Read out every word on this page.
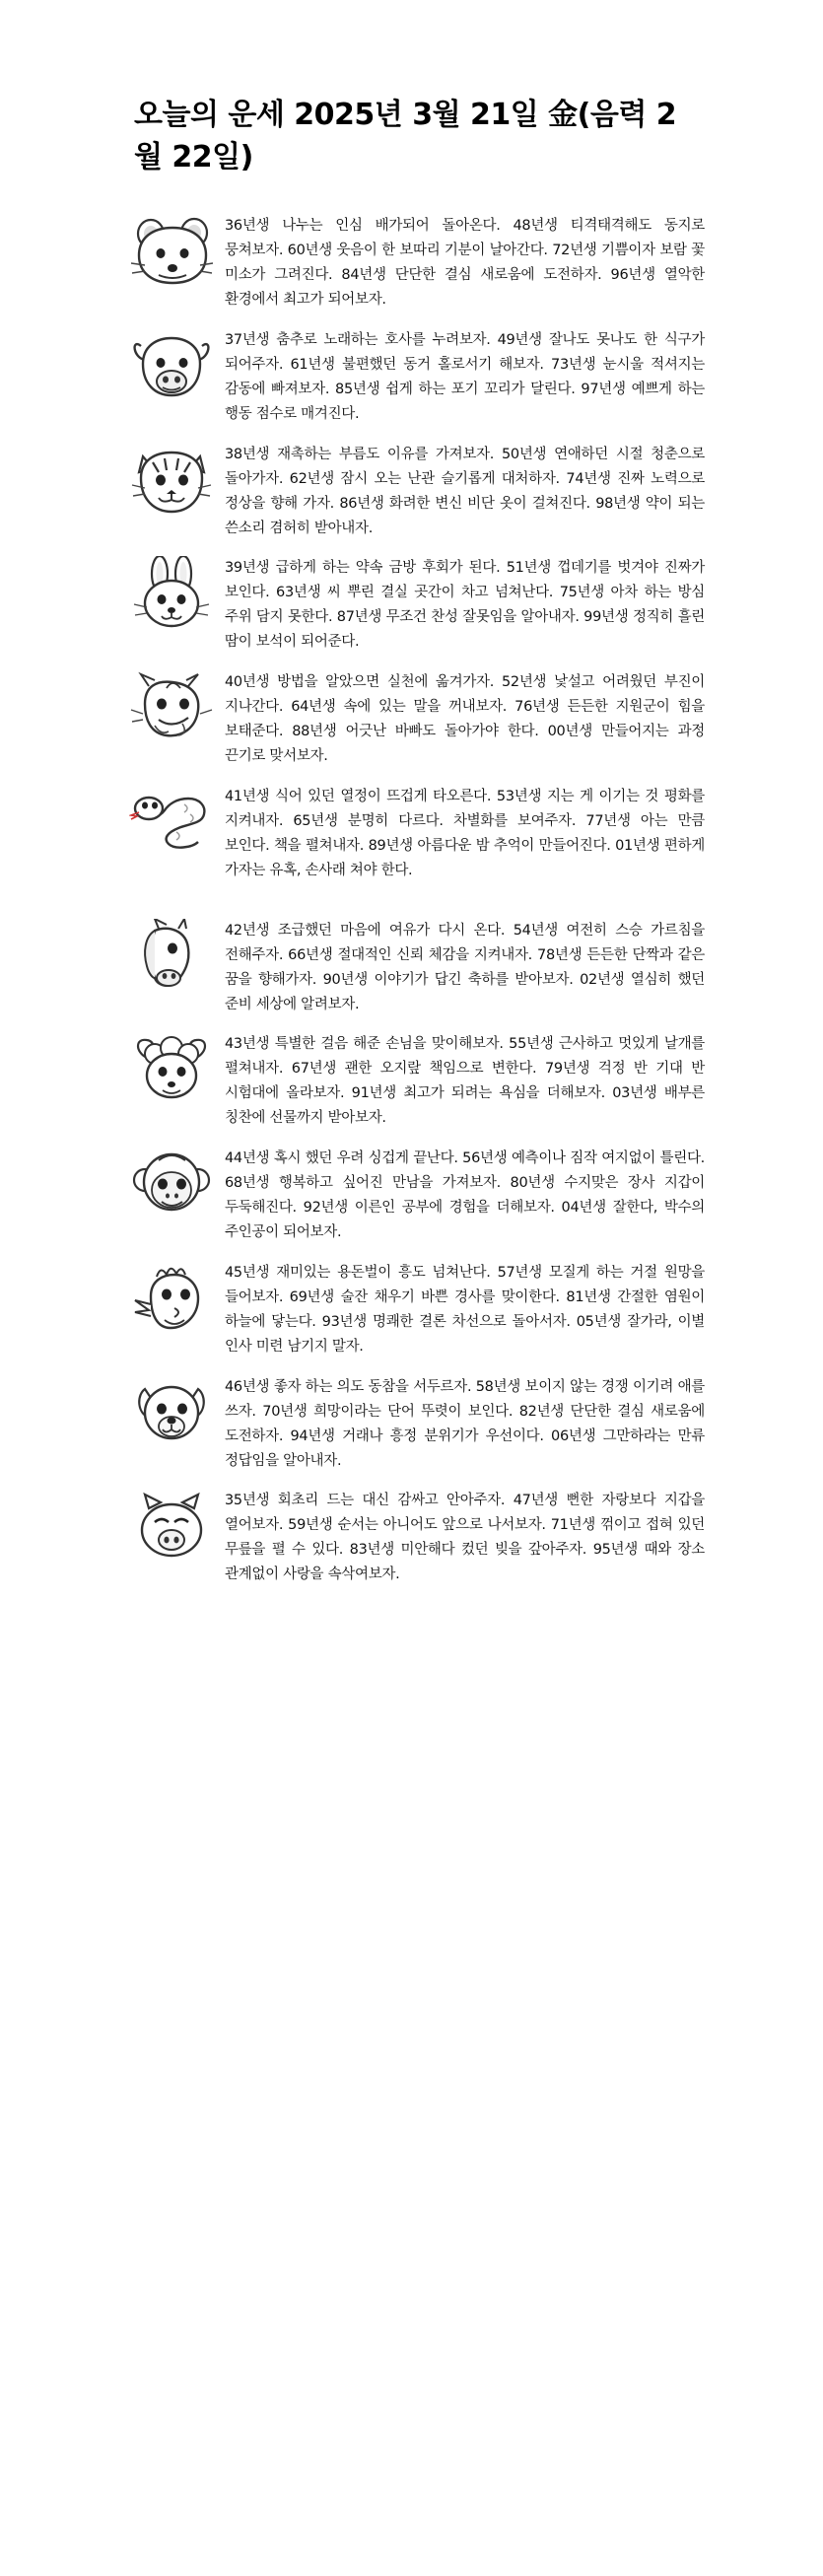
오늘의 운세 2025년 3월 21일 金(음력 2월 22일)
36년생 나누는 인심 배가되어 돌아온다. 48년생 티격태격해도 동지로 뭉쳐보자. 60년생 웃음이 한 보따리 기분이 날아간다. 72년생 기쁨이자 보람 꽃 미소가 그려진다. 84년생 단단한 결심 새로움에 도전하자. 96년생 열악한 환경에서 최고가 되어보자.
37년생 춤추로 노래하는 호사를 누려보자. 49년생 잘나도 못나도 한 식구가 되어주자. 61년생 불편했던 동거 홀로서기 해보자. 73년생 눈시울 적셔지는 감동에 빠져보자. 85년생 쉽게 하는 포기 꼬리가 달린다. 97년생 예쁘게 하는 행동 점수로 매겨진다.
38년생 재촉하는 부름도 이유를 가져보자. 50년생 연애하던 시절 청춘으로 돌아가자. 62년생 잠시 오는 난관 슬기롭게 대처하자. 74년생 진짜 노력으로 정상을 향해 가자. 86년생 화려한 변신 비단 옷이 걸쳐진다. 98년생 약이 되는 쓴소리 겸허히 받아내자.
39년생 급하게 하는 약속 금방 후회가 된다. 51년생 껍데기를 벗겨야 진짜가 보인다. 63년생 씨 뿌린 결실 곳간이 차고 넘쳐난다. 75년생 아차 하는 방심 주위 담지 못한다. 87년생 무조건 찬성 잘못임을 알아내자. 99년생 정직히 흘린 땀이 보석이 되어준다.
40년생 방법을 알았으면 실천에 옮겨가자. 52년생 낯설고 어려웠던 부진이 지나간다. 64년생 속에 있는 말을 꺼내보자. 76년생 든든한 지원군이 힘을 보태준다. 88년생 어긋난 바빠도 돌아가야 한다. 00년생 만들어지는 과정 끈기로 맞서보자.
41년생 식어 있던 열정이 뜨겁게 타오른다. 53년생 지는 게 이기는 것 평화를 지켜내자. 65년생 분명히 다르다. 차별화를 보여주자. 77년생 아는 만큼 보인다. 책을 펼쳐내자. 89년생 아름다운 밤 추억이 만들어진다. 01년생 편하게 가자는 유혹, 손사래 쳐야 한다.
42년생 조급했던 마음에 여유가 다시 온다. 54년생 여전히 스승 가르침을 전해주자. 66년생 절대적인 신뢰 체감을 지켜내자. 78년생 든든한 단짝과 같은 꿈을 향해가자. 90년생 이야기가 답긴 축하를 받아보자. 02년생 열심히 했던 준비 세상에 알려보자.
43년생 특별한 걸음 해준 손님을 맞이해보자. 55년생 근사하고 멋있게 날개를 펼쳐내자. 67년생 괜한 오지랖 책임으로 변한다. 79년생 걱정 반 기대 반 시험대에 올라보자. 91년생 최고가 되려는 욕심을 더해보자. 03년생 배부른 칭찬에 선물까지 받아보자.
44년생 혹시 했던 우려 싱겁게 끝난다. 56년생 예측이나 짐작 여지없이 틀린다. 68년생 행복하고 싶어진 만남을 가져보자. 80년생 수지맞은 장사 지갑이 두둑해진다. 92년생 이른인 공부에 경험을 더해보자. 04년생 잘한다, 박수의 주인공이 되어보자.
45년생 재미있는 용돈벌이 흥도 넘쳐난다. 57년생 모질게 하는 거절 원망을 들어보자. 69년생 술잔 채우기 바쁜 경사를 맞이한다. 81년생 간절한 염원이 하늘에 닿는다. 93년생 명쾌한 결론 차선으로 돌아서자. 05년생 잘가라, 이별 인사 미련 남기지 말자.
46년생 좋자 하는 의도 동참을 서두르자. 58년생 보이지 않는 경쟁 이기려 애를 쓰자. 70년생 희망이라는 단어 뚜렷이 보인다. 82년생 단단한 결심 새로움에 도전하자. 94년생 거래나 흥정 분위기가 우선이다. 06년생 그만하라는 만류 정답임을 알아내자.
35년생 회초리 드는 대신 감싸고 안아주자. 47년생 뻔한 자랑보다 지갑을 열어보자. 59년생 순서는 아니어도 앞으로 나서보자. 71년생 꺾이고 접혀 있던 무릎을 펼 수 있다. 83년생 미안해다 컸던 빚을 갚아주자. 95년생 때와 장소 관계없이 사랑을 속삭여보자.
